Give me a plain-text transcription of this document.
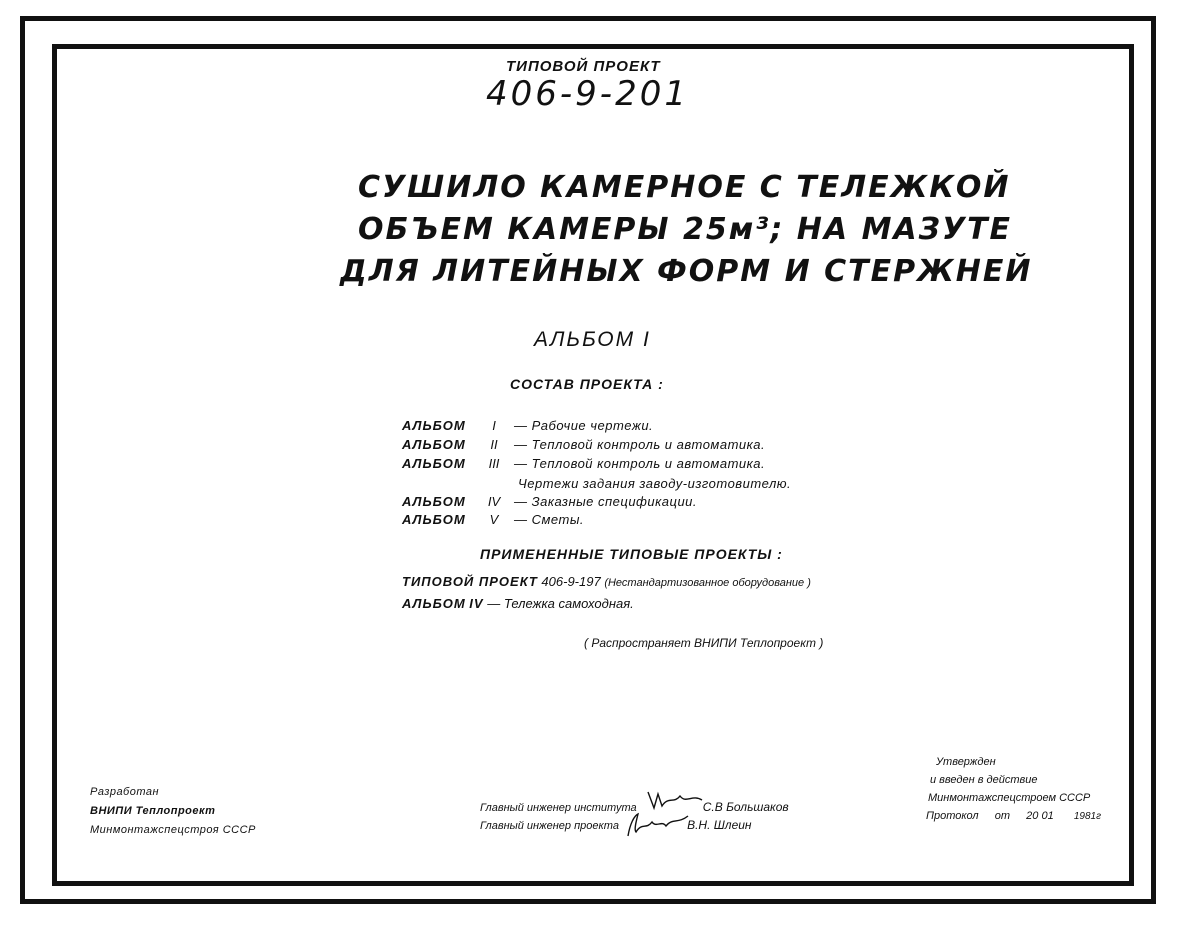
ТИПОВОЙ ПРОЕКТ
406-9-201
СУШИЛО КАМЕРНОЕ С ТЕЛЕЖКОЙ
ОБЪЕМ КАМЕРЫ 25м³; НА МАЗУТЕ
ДЛЯ ЛИТЕЙНЫХ ФОРМ И СТЕРЖНЕЙ
АЛЬБОМ I
СОСТАВ ПРОЕКТА :
АЛЬБОМ I — Рабочие чертежи.
АЛЬБОМ II — Тепловой контроль и автоматика.
АЛЬБОМ III — Тепловой контроль и автоматика.
Чертежи задания заводу-изготовителю.
АЛЬБОМ IV — Заказные спецификации.
АЛЬБОМ V — Сметы.
ПРИМЕНЕННЫЕ ТИПОВЫЕ ПРОЕКТЫ :
ТИПОВОЙ ПРОЕКТ 406-9-197 (Нестандартизованное оборудование )
АЛЬБОМ IV — Тележка самоходная.
( Распространяет ВНИПИ Теплопроект )
Разработан
ВНИПИ Теплопроект
Минмонтажспецстроя СССР
Главный инженер института	С.В Большаков
Главный инженер проекта	В.Н. Шлеин
Утвержден
и введен в действие
Минмонтажспецстроем СССР
Протокол от 20 01 1981г
